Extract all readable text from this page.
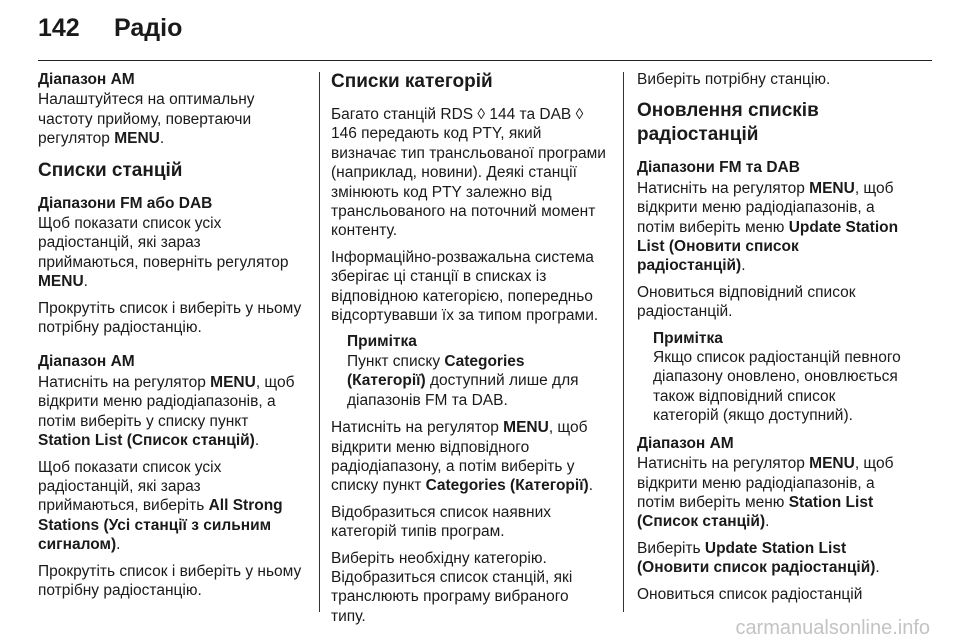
142 Радіо
Діапазон АМ

Налаштуйтеся на оптимальну частоту прийому, повертаючи регулятор MENU.

Списки станцій
Діапазони FM або DAB

Щоб показати список усіх радіостанцій, які зараз приймаються, поверніть регулятор MENU.

Прокрутіть список і виберіть у ньому потрібну радіостанцію.

Діапазон АМ

Натисніть на регулятор MENU, щоб відкрити меню радіодіапазонів, а потім виберіть у списку пункт Station List (Список станцій).

Щоб показати список усіх радіостанцій, які зараз приймаються, виберіть All Strong Stations (Усі станції з сильним сигналом).

Прокрутіть список і виберіть у ньому потрібну радіостанцію.

Списки категорій

Багато станцій RDS ◊ 144 та DAB ◊ 146 передають код PTY, який визначає тип трансльованої програми (наприклад, новини). Деякі станції змінюють код PTY залежно від трансльованого на поточний момент контенту.

Інформаційно-розважальна система зберігає ці станції в списках із відповідною категорією, попередньо відсортувавши їх за типом програми.

Примітка
Пункт списку Categories (Категорії) доступний лише для діапазонів FM та DAB.

Натисніть на регулятор MENU, щоб відкрити меню відповідного радіодіапазону, а потім виберіть у списку пункт Categories (Категорії).

Відобразиться список наявних категорій типів програм.

Виберіть необхідну категорію. Відобразиться список станцій, які транслюють програму вибраного типу.

Виберіть потрібну станцію.

Оновлення списків радіостанцій
Діапазони FM та DAB

Натисніть на регулятор MENU, щоб відкрити меню радіодіапазонів, а потім виберіть меню Update Station List (Оновити список радіостанцій).

Оновиться відповідний список радіостанцій.

Примітка
Якщо список радіостанцій певного діапазону оновлено, оновлюється також відповідний список категорій (якщо доступний).
Діапазон АМ

Натисніть на регулятор MENU, щоб відкрити меню радіодіапазонів, а потім виберіть меню Station List (Список станцій).

Виберіть Update Station List (Оновити список радіостанцій).

Оновиться список радіостанцій

carmanualsonline.info
